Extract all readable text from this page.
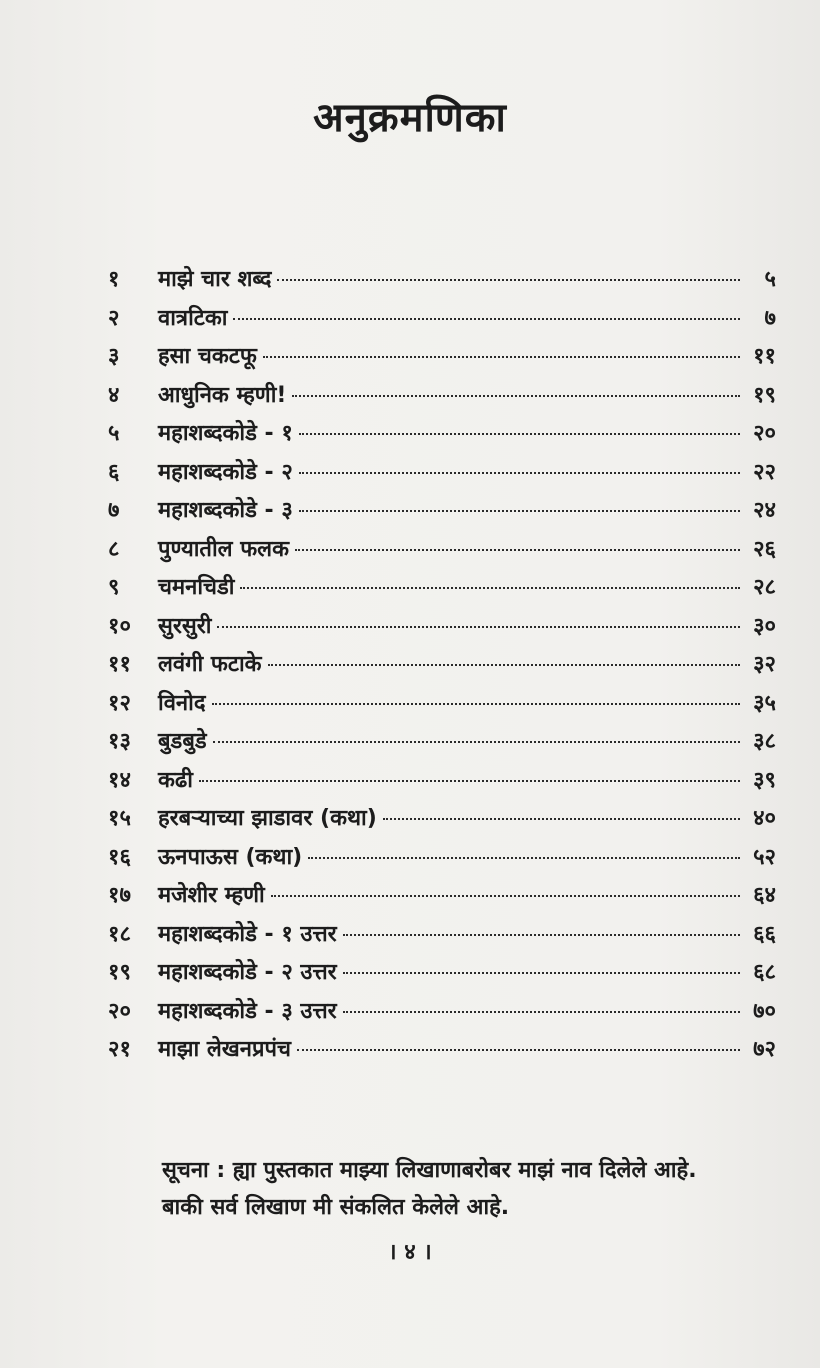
अनुक्रमणिका
१	माझे चार शब्द	५
२	वात्रटिका	७
३	हसा चकटफू	११
४	आधुनिक म्हणी!	१९
५	महाशब्दकोडे - १	२०
६	महाशब्दकोडे - २	२२
७	महाशब्दकोडे - ३	२४
८	पुण्यातील फलक	२६
९	चमनचिडी	२८
१०	सुरसुरी	३०
११	लवंगी फटाके	३२
१२	विनोद	३५
१३	बुडबुडे	३८
१४	कढी	३९
१५	हरबऱ्याच्या झाडावर (कथा)	४०
१६	ऊनपाऊस (कथा)	५२
१७	मजेशीर म्हणी	६४
१८	महाशब्दकोडे - १ उत्तर	६६
१९	महाशब्दकोडे - २ उत्तर	६८
२०	महाशब्दकोडे - ३ उत्तर	७०
२१	माझा लेखनप्रपंच	७२
सूचना : ह्या पुस्तकात माझ्या लिखाणाबरोबर माझं नाव दिलेले आहे.
बाकी सर्व लिखाण मी संकलित केलेले आहे.
। ४ ।
